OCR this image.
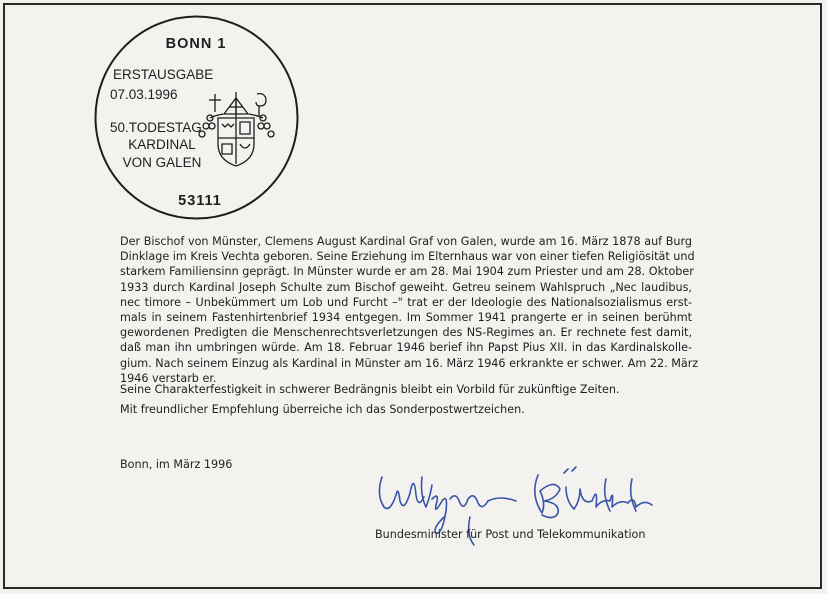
BONN 1
ERSTAUSGABE
07.03.1996
50.TODESTAG
KARDINAL
VON GALEN
53111
Der Bischof von Münster, Clemens August Kardinal Graf von Galen, wurde am 16. März 1878 auf Burg
Dinklage im Kreis Vechta geboren. Seine Erziehung im Elternhaus war von einer tiefen Religiösität und
starkem Familiensinn geprägt. In Münster wurde er am 28. Mai 1904 zum Priester und am 28. Oktober
1933 durch Kardinal Joseph Schulte zum Bischof geweiht. Getreu seinem Wahlspruch „Nec laudibus,
nec timore – Unbekümmert um Lob und Furcht –" trat er der Ideologie des Nationalsozialismus erst-
mals in seinem Fastenhirtenbrief 1934 entgegen. Im Sommer 1941 prangerte er in seinen berühmt
gewordenen Predigten die Menschenrechtsverletzungen des NS-Regimes an. Er rechnete fest damit,
daß man ihn umbringen würde. Am 18. Februar 1946 berief ihn Papst Pius XII. in das Kardinalskolle-
gium. Nach seinem Einzug als Kardinal in Münster am 16. März 1946 erkrankte er schwer. Am 22. März
1946 verstarb er.
Seine Charakterfestigkeit in schwerer Bedrängnis bleibt ein Vorbild für zukünftige Zeiten.
Mit freundlicher Empfehlung überreiche ich das Sonderpostwertzeichen.
Bonn, im März 1996
Bundesminister für Post und Telekommunikation
